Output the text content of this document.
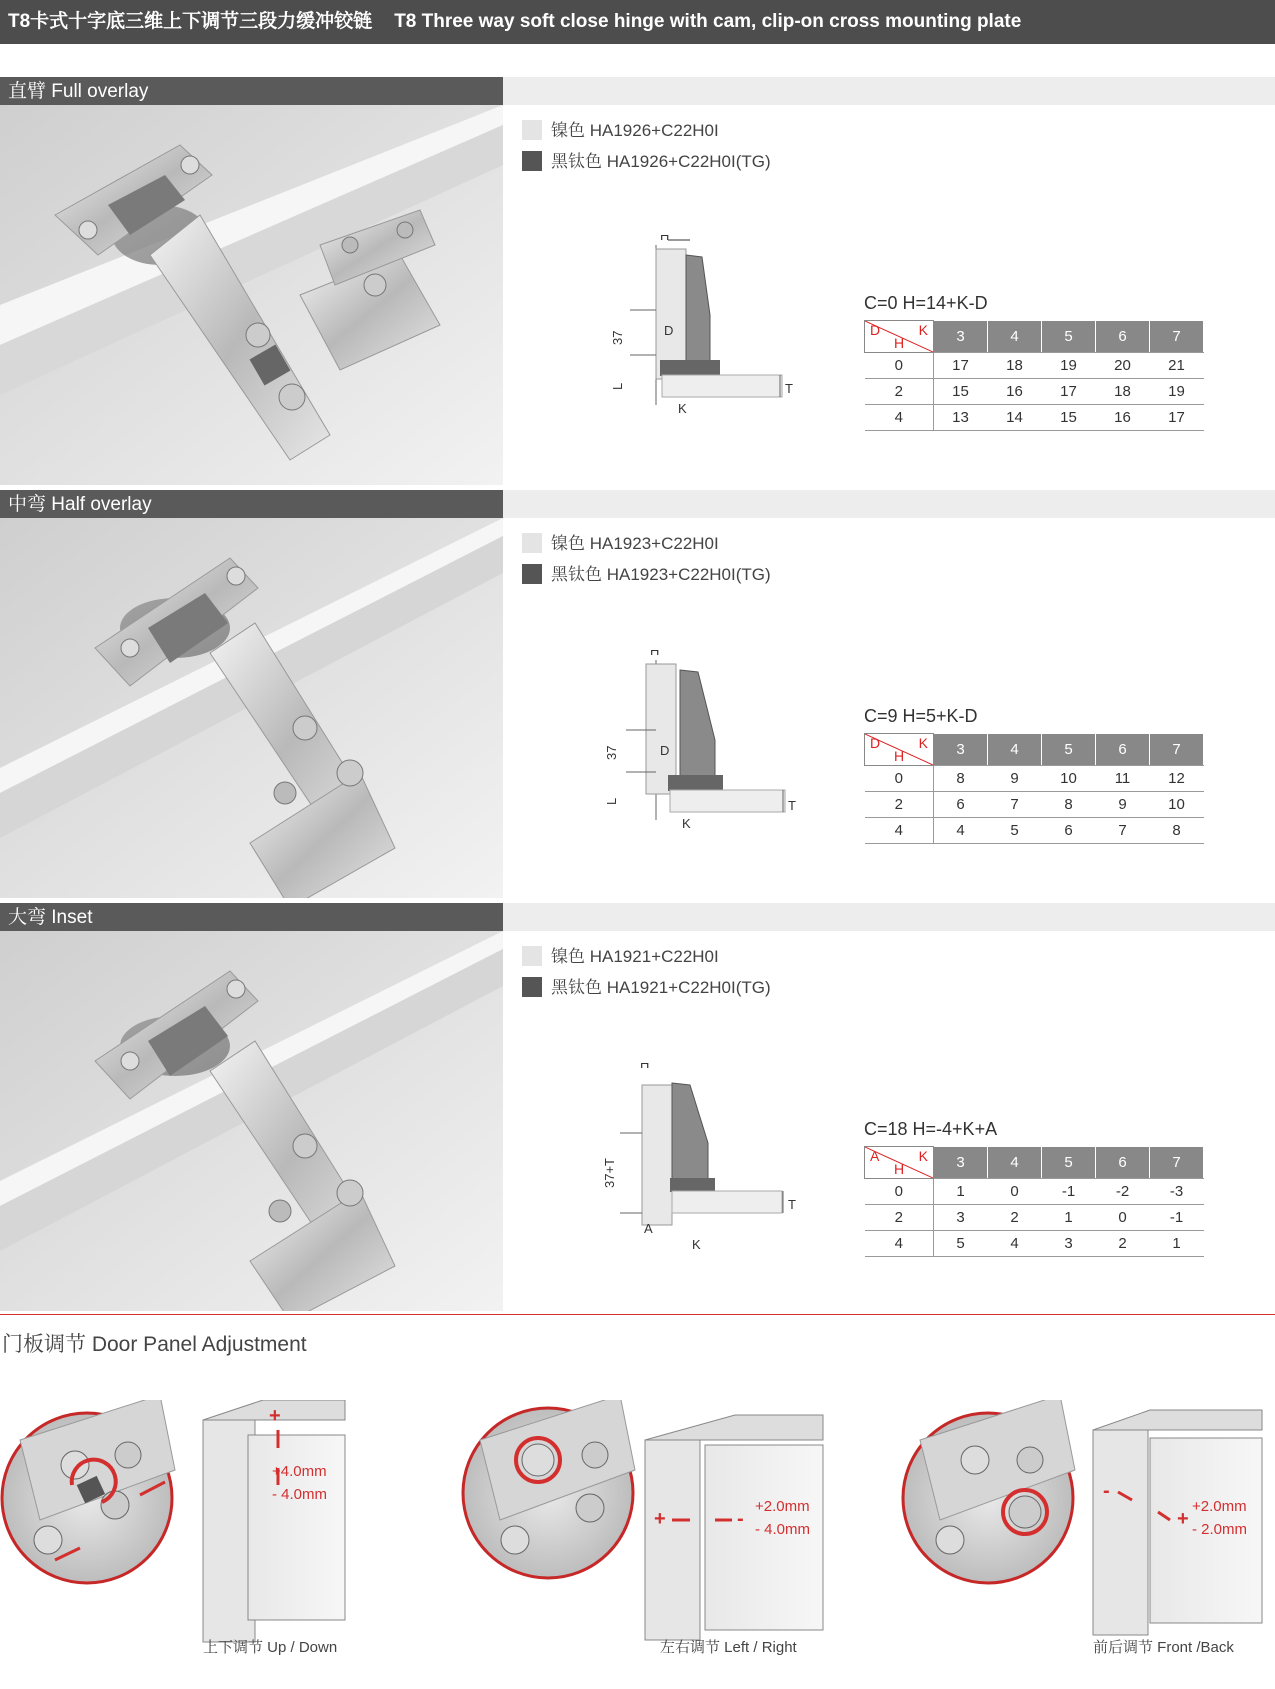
T8卡式十字底三维上下调节三段力缓冲铰链 T8 Three way soft close hinge with cam, clip-on cross mounting plate
直臂 Full overlay
镍色 HA1926+C22H0I
黑钛色 HA1926+C22H0I(TG)
H
D
37
L
K
T
C=0 H=14+K-D
D
H
K	3	4	5	6	7
0	17	18	19	20	21
2	15	16	17	18	19
4	13	14	15	16	17
中弯 Half overlay
镍色 HA1923+C22H0I
黑钛色 HA1923+C22H0I(TG)
H
D
37
L
K
T
C=9 H=5+K-D
D
H
K	3	4	5	6	7
0	8	9	10	11	12
2	6	7	8	9	10
4	4	5	6	7	8
大弯 Inset
镍色 HA1921+C22H0I
黑钛色 HA1921+C22H0I(TG)
H
37+T
A
K
T
C=18 H=-4+K+A
A
H
K	3	4	5	6	7
0	1	0	-1	-2	-3
2	3	2	1	0	-1
4	5	4	3	2	1
门板调节 Door Panel Adjustment
+
+4.0mm
- 4.0mm
+	-
+2.0mm
- 4.0mm
-
+
+2.0mm
- 2.0mm
上下调节 Up / Down	左右调节 Left / Right	前后调节 Front /Back
